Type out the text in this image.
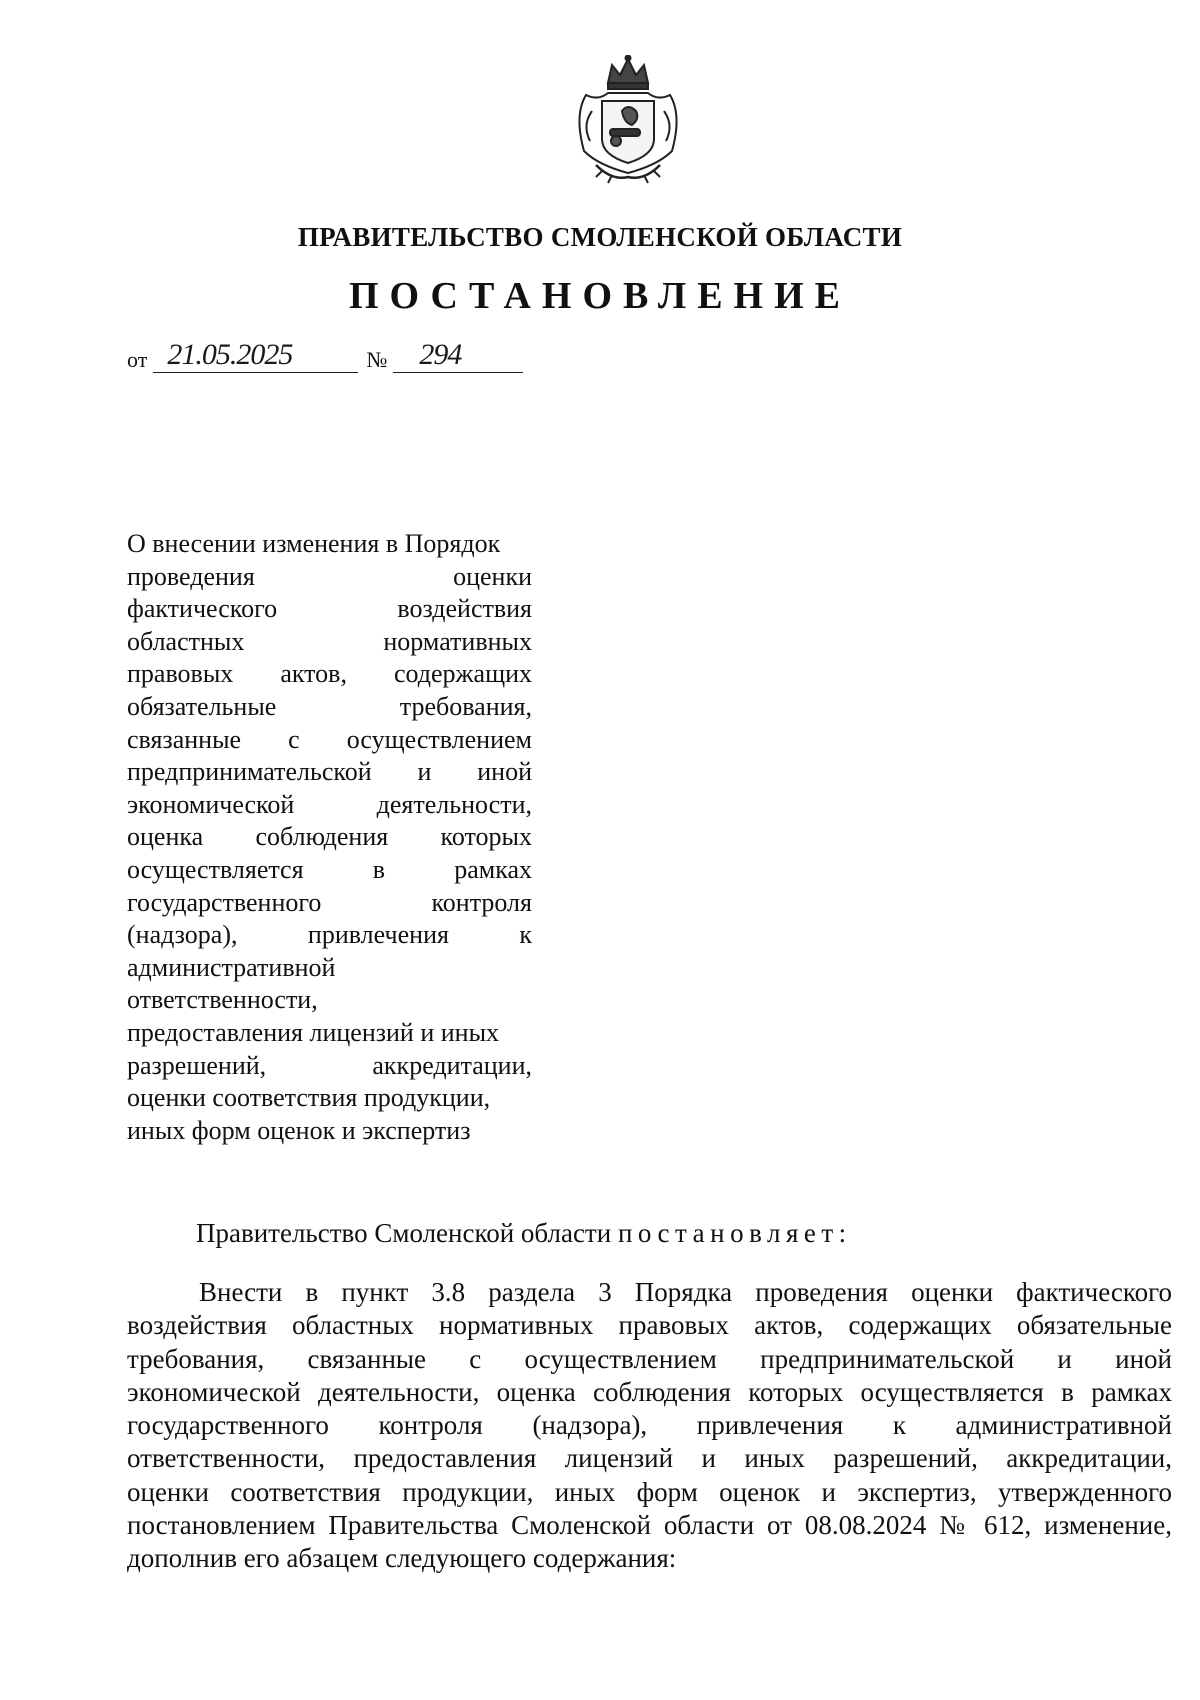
ПРАВИТЕЛЬСТВО СМОЛЕНСКОЙ ОБЛАСТИ
ПОСТАНОВЛЕНИЕ
от 21.05.2025	№ 294
О внесении изменения в Порядок
проведения оценки
фактического воздействия
областных нормативных
правовых актов, содержащих
обязательные требования,
связанные с осуществлением
предпринимательской и иной
экономической деятельности,
оценка соблюдения которых
осуществляется в рамках
государственного контроля
(надзора), привлечения к
административной
ответственности,
предоставления лицензий и иных
разрешений, аккредитации,
оценки соответствия продукции,
иных форм оценок и экспертиз
Правительство Смоленской области постановляет:
Внести в пункт 3.8 раздела 3 Порядка проведения оценки фактического
воздействия областных нормативных правовых актов, содержащих обязательные
требования, связанные с осуществлением предпринимательской и иной
экономической деятельности, оценка соблюдения которых осуществляется в рамках
государственного контроля (надзора), привлечения к административной
ответственности, предоставления лицензий и иных разрешений, аккредитации,
оценки соответствия продукции, иных форм оценок и экспертиз, утвержденного
постановлением Правительства Смоленской области от 08.08.2024 № 612, изменение,
дополнив его абзацем следующего содержания:
